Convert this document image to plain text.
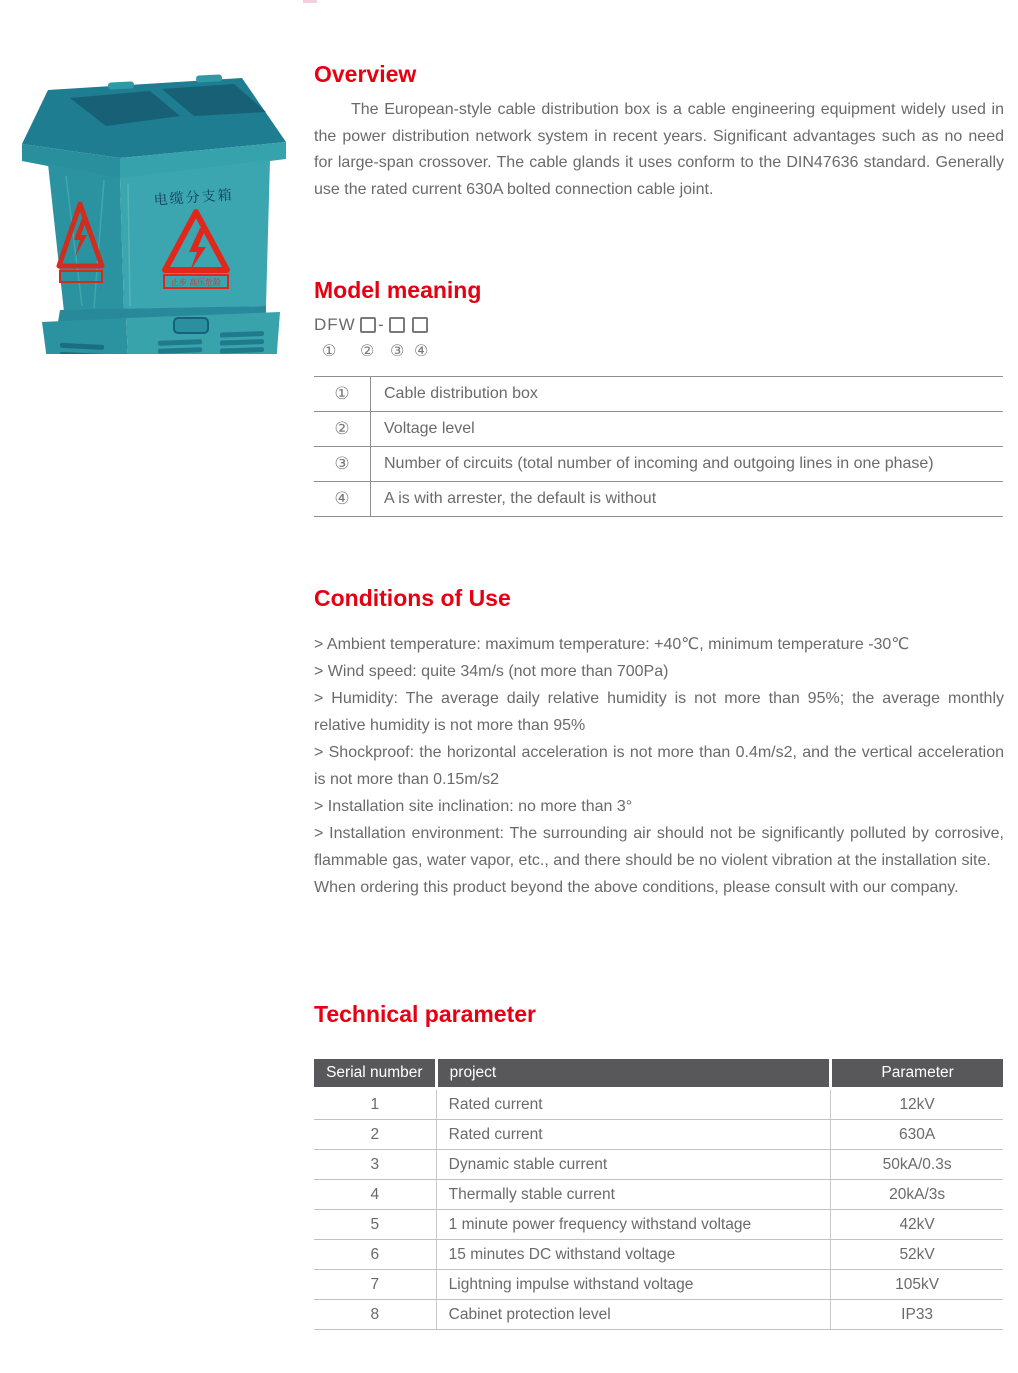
电缆分支箱
止步 高压危险
Overview

The European-style cable distribution box is a cable engineering equipment widely used in the power distribution network system in recent years. Significant advantages such as no need for large-span crossover. The cable glands it uses conform to the DIN47636 standard. Generally use the rated current 630A bolted connection cable joint.

Model meaning
DFW -
① ② ③ ④
①	Cable distribution box
②	Voltage level
③	Number of circuits (total number of incoming and outgoing lines in one phase)
④	A is with arrester, the default is without
Conditions of Use

> Ambient temperature: maximum temperature: +40℃, minimum temperature -30℃

> Wind speed: quite 34m/s (not more than 700Pa)

> Humidity: The average daily relative humidity is not more than 95%; the average monthly relative humidity is not more than 95%

> Shockproof: the horizontal acceleration is not more than 0.4m/s2, and the vertical acceleration is not more than 0.15m/s2

> Installation site inclination: no more than 3°

> Installation environment: The surrounding air should not be significantly polluted by corrosive, flammable gas, water vapor, etc., and there should be no violent vibration at the installation site.

When ordering this product beyond the above conditions, please consult with our company.

Technical parameter
Serial number	project	Parameter
1	Rated current	12kV
2	Rated current	630A
3	Dynamic stable current	50kA/0.3s
4	Thermally stable current	20kA/3s
5	1 minute power frequency withstand voltage	42kV
6	15 minutes DC withstand voltage	52kV
7	Lightning impulse withstand voltage	105kV
8	Cabinet protection level	IP33
